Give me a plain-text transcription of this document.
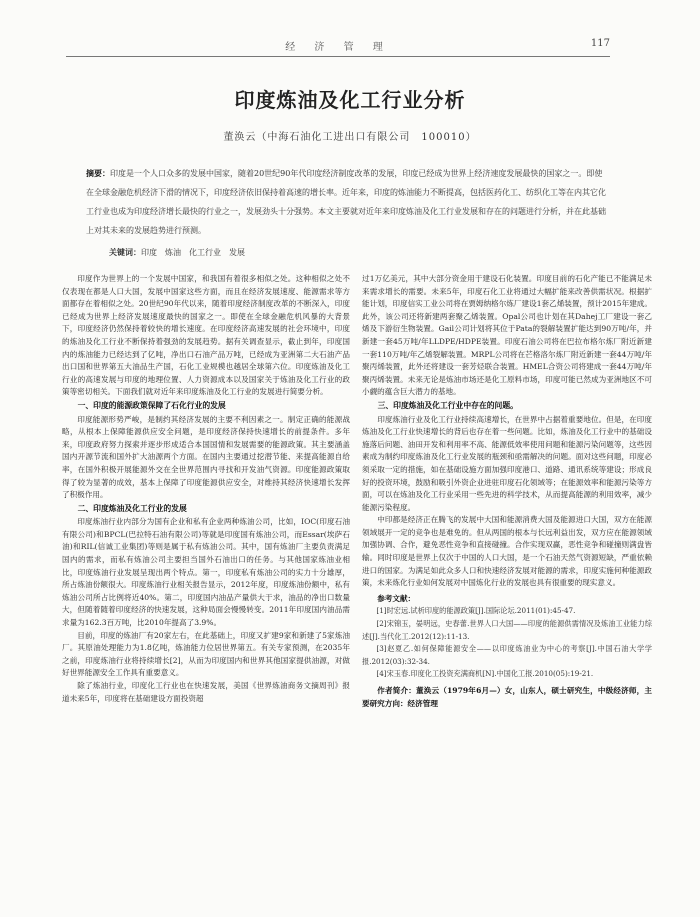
经 济 管 理	117
印度炼油及化工行业分析
董涣云（中海石油化工进出口有限公司　100010）
摘要：印度是一个人口众多的发展中国家，随着20世纪90年代印度经济制度改革的发展，印度已经成为世界上经济速度发展最快的国家之一。即使在全球金融危机经济下滑的情况下，印度经济依旧保持着高速的增长率。近年来，印度的炼油能力不断提高，包括医药化工、纺织化工等在内其它化工行业也成为印度经济增长最快的行业之一，发展劲头十分强势。本文主要就对近年来印度炼油及化工行业发展和存在的问题进行分析，并在此基础上对其未来的发展趋势进行预测。
关键词：印度　炼油　化工行业　发展

印度作为世界上的一个发展中国家，和我国有着很多相似之处。这种相似之处不仅表现在都是人口大国，发展中国家这些方面，而且在经济发展速度、能源需求等方面都存在着相似之处。20世纪90年代以来，随着印度经济制度改革的不断深入，印度已经成为世界上经济发展速度最快的国家之一。即使在全球金融危机风暴的大背景下，印度经济仍然保持着较快的增长速度。在印度经济高速发展的社会环境中，印度的炼油及化工行业不断保持着强劲的发展趋势。据有关调查显示，截止到年，印度国内的炼油能力已经达到了亿吨，净出口石油产品万吨，已经成为亚洲第二大石油产品出口国和世界第五大油品生产国，石化工业规模也越居全球第六位。印度炼油及化工行业的高速发展与印度的地理位置、人力资源成本以及国家关于炼油及化工行业的政策等密切相关。下面我们就对近年来印度炼油及化工行业的发展进行简要分析。

一、印度的能源政策保障了石化行业的发展

印度能源形势严峻，是制约其经济发展的主要不利因素之一。制定正确的能源战略，从根本上保障能源供应安全问题，是印度经济保持快速增长的前提条件。多年来，印度政府努力探索并逐步形成适合本国国情和发展需要的能源政策。其主要涵盖国内开源节流和国外扩大油源两个方面。在国内主要通过挖潜节能、来提高能源自给率，在国外积极开展能源外交在全世界范围内寻找和开发油气资源。印度能源政策取得了较为显著的成效，基本上保障了印度能源供应安全，对维持其经济快速增长发挥了积极作用。

二、印度炼油及化工行业的发展

印度炼油行业内部分为国有企业和私有企业两种炼油公司，比如，IOC(印度石油有限公司)和BPCL(巴拉特石油有限公司)等就是印度国有炼油公司，而Essar(埃萨石油)和RIL(信诚工业集团)等则是属于私有炼油公司。其中，国有炼油厂主要负责满足国内的需求，而私有炼油公司主要担当国外石油出口的任务。与其他国家炼油业相比，印度炼油行业发展呈现出两个特点。第一，印度私有炼油公司的实力十分雄厚，所占炼油份额很大。印度炼油行业相关报告显示，2012年度，印度炼油份额中，私有炼油公司所占比例将近40%。第二，印度国内油品产量供大于求，油品的净出口数量大，但随着随着印度经济的快速发展，这种局面会慢慢转变。2011年印度国内油品需求量为162.3百万吨，比2010年提高了3.9%。

目前，印度的炼油厂有20家左右，在此基础上，印度又扩建9家和新建了5家炼油厂。其原油处理能力为1.8亿吨，炼油能力位居世界第五。有关专家预测，在2035年之前，印度炼油行业将持续增长[2]，从而为印度国内和世界其他国家提供油源，对做好世界能源安全工作具有重要意义。

除了炼油行业，印度化工行业也在快速发展，美国《世界炼油商务文摘周刊》报道未来5年，印度将在基础建设方面投资超

过1万亿美元，其中大部分资金用于建设石化装置。印度目前的石化产能已不能满足未来需求增长的需要。未来5年，印度石化工业将通过大幅扩能来改善供需状况。根据扩能计划，印度信实工业公司将在贾姆纳格尔炼厂建设1套乙烯装置，预计2015年建成。此外，该公司还将新建两套聚乙烯装置。Opal公司也计划在其Dahej工厂建设一套乙烯及下游衍生物装置。Gail公司计划将其位于Pata的裂解装置扩能达到90万吨/年，并新建一套45万吨/年LLDPE/HDPE装置。印度石油公司将在巴拉布格尔炼厂附近新建一套110万吨/年乙烯裂解装置。MRPL公司将在芒格洛尔炼厂附近新建一套44万吨/年聚丙烯装置，此外还将建设一套芳烃联合装置。HMEL合资公司将建成一套44万吨/年聚丙烯装置。未来无论是炼油市场还是化工原料市场，印度可能已然成为亚洲地区不可小觑的蕴含巨大潜力的基地。

三、印度炼油及化工行业中存在的问题。

印度炼油行业及化工行业持续高速增长，在世界中占据着重要地位。但是，在印度炼油及化工行业快速增长的背后也存在着一些问题。比如，炼油及化工行业中的基础设施落后问题、油田开发和利用率不高、能源低效率使用问题和能源污染问题等，这些因素成为制约印度炼油及化工行业发展的瓶颈和亟需解决的问题。面对这些问题，印度必须采取一定的措施，如在基础设施方面加强印度港口、道路、通讯系统等建设；形成良好的投资环境，鼓励和吸引外资企业进驻印度石化领域等；在能源效率和能源污染等方面，可以在炼油及化工行业采用一些先进的科学技术，从而提高能源的利用效率，减少能源污染程度。

中印都是经济正在腾飞的发展中大国和能源消费大国及能源进口大国，双方在能源领域展开一定的竞争也是难免的。但从两国的根本与长远利益出发，双方应在能源领域加强协调、合作，避免恶性竞争和直接碰撞。合作实现双赢，恶性竞争和碰撞则满盘皆输。同时印度是世界上仅次于中国的人口大国，是一个石油天然气资源短缺，严重依赖进口的国家。为满足如此众多人口和快速经济发展对能源的需求，印度实施何种能源政策，未来炼化行业如何发展对中国炼化行业的发展也具有很重要的现实意义。

参考文献：

[1]时宏远.试析印度的能源政策[J].国际论坛.2011(01):45-47.

[2]宋锦玉，晏明远，史春蕾.世界人口大国——印度的能源供需情况及炼油工业能力综述[J].当代化工.2012(12):11-13.

[3]赵夏乙.如何保障能源安全——以印度炼油业为中心的考察[J].中国石油大学学报.2012(03):32-34.

[4]宋玉春.印度化工投资充满商机[N].中国化工报.2010(05):19-21.

作者简介：董涣云（1979年6月—）女，山东人，硕士研究生，中级经济师，主要研究方向：经济管理
